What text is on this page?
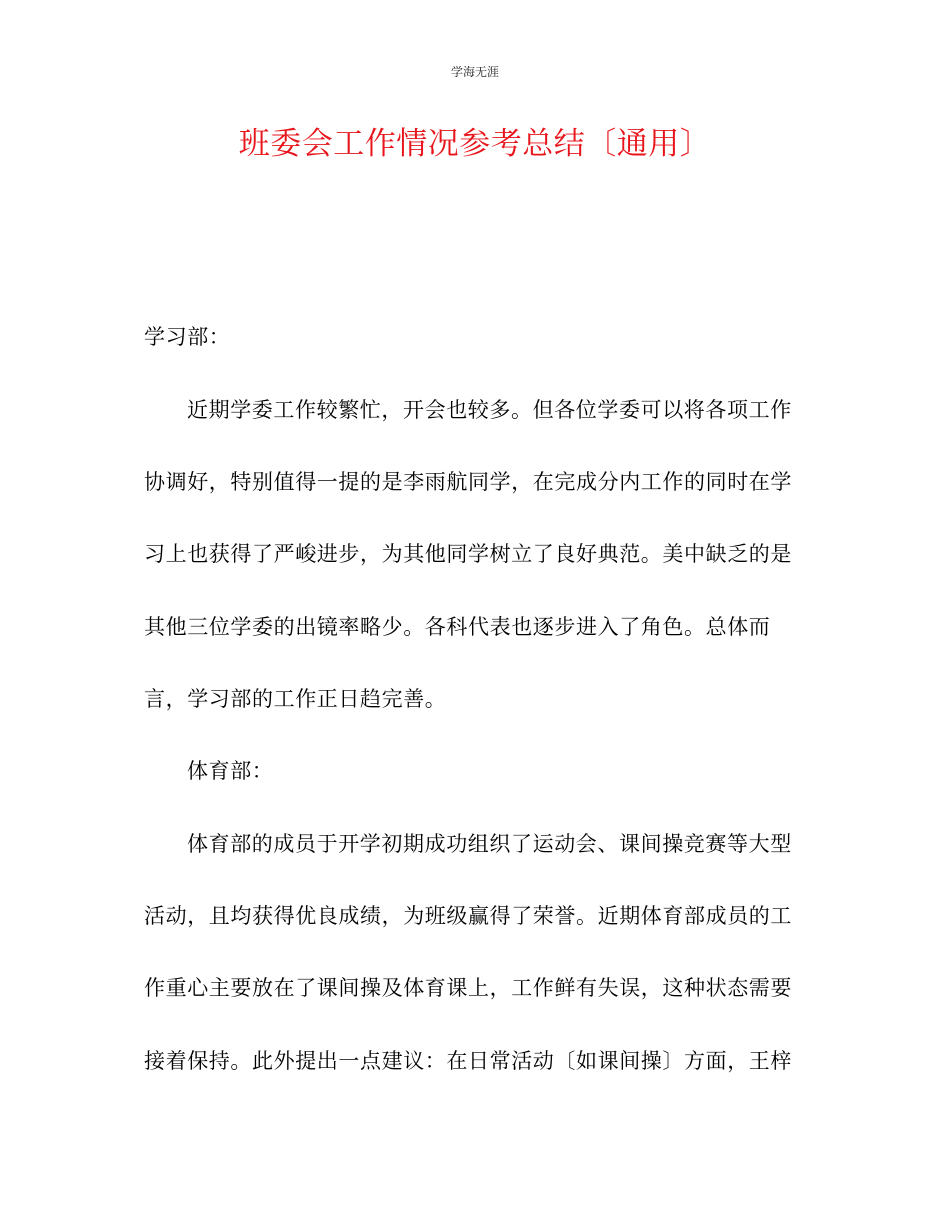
学海无涯
班委会工作情况参考总结〔通用〕
学习部：
近期学委工作较繁忙，开会也较多。但各位学委可以将各项工作
协调好，特别值得一提的是李雨航同学，在完成分内工作的同时在学
习上也获得了严峻进步，为其他同学树立了良好典范。美中缺乏的是
其他三位学委的出镜率略少。各科代表也逐步进入了角色。总体而
言，学习部的工作正日趋完善。
体育部：
体育部的成员于开学初期成功组织了运动会、课间操竞赛等大型
活动，且均获得优良成绩，为班级赢得了荣誉。近期体育部成员的工
作重心主要放在了课间操及体育课上，工作鲜有失误，这种状态需要
接着保持。此外提出一点建议：在日常活动〔如课间操〕方面，王梓
